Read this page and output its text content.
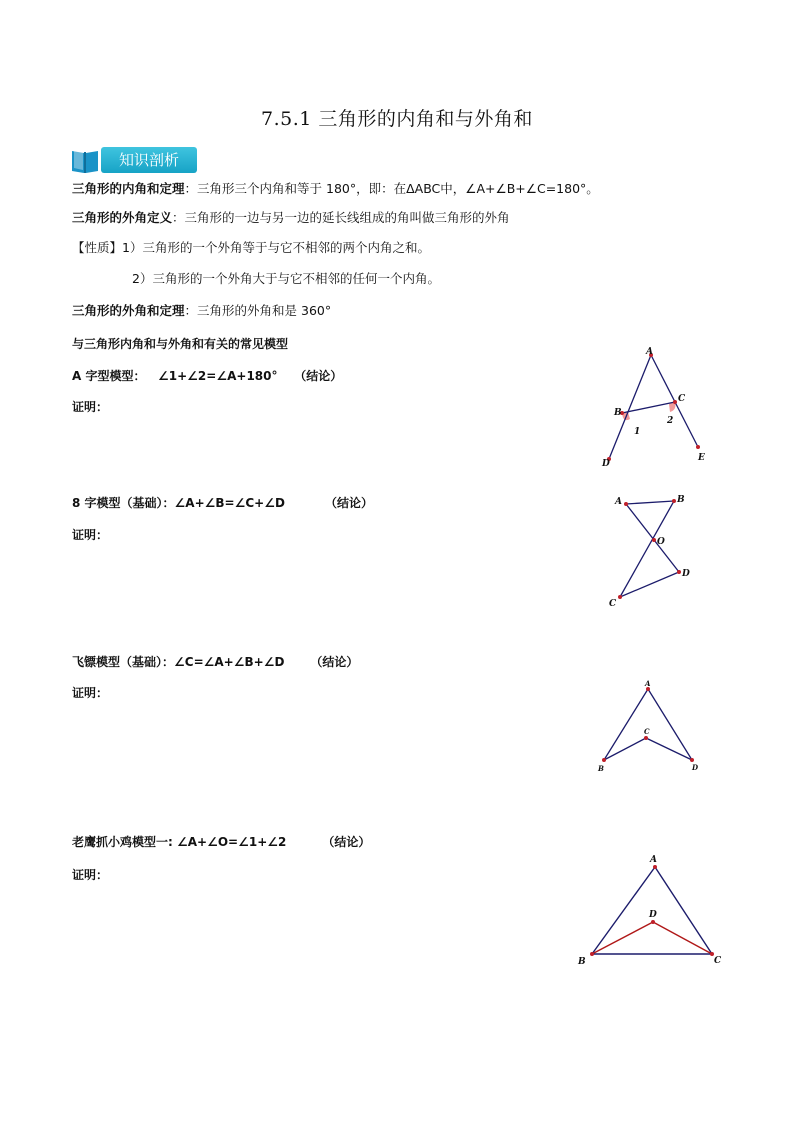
7.5.1 三角形的内角和与外角和
知识剖析
三角形的内角和定理：三角形三个内角和等于 180°，即：在ΔABC中，∠A+∠B+∠C=180°。
三角形的外角定义：三角形的一边与另一边的延长线组成的角叫做三角形的外角
【性质】1）三角形的一个外角等于与它不相邻的两个内角之和。
2）三角形的一个外角大于与它不相邻的任何一个内角。
三角形的外角和定理：三角形的外角和是 360°
与三角形内角和与外角和有关的常见模型
A 字型模型： ∠1+∠2=∠A+180° （结论）
证明：
8 字模型（基础）：∠A+∠B=∠C+∠D	（结论）
证明：
飞镖模型（基础）：∠C=∠A+∠B+∠D （结论）
证明：
老鹰抓小鸡模型一: ∠A+∠O=∠1+∠2	（结论）
证明：
A
B
C
D
E
1
2
A	B
O
D
C
A
B
C
D
A
B	C
D
